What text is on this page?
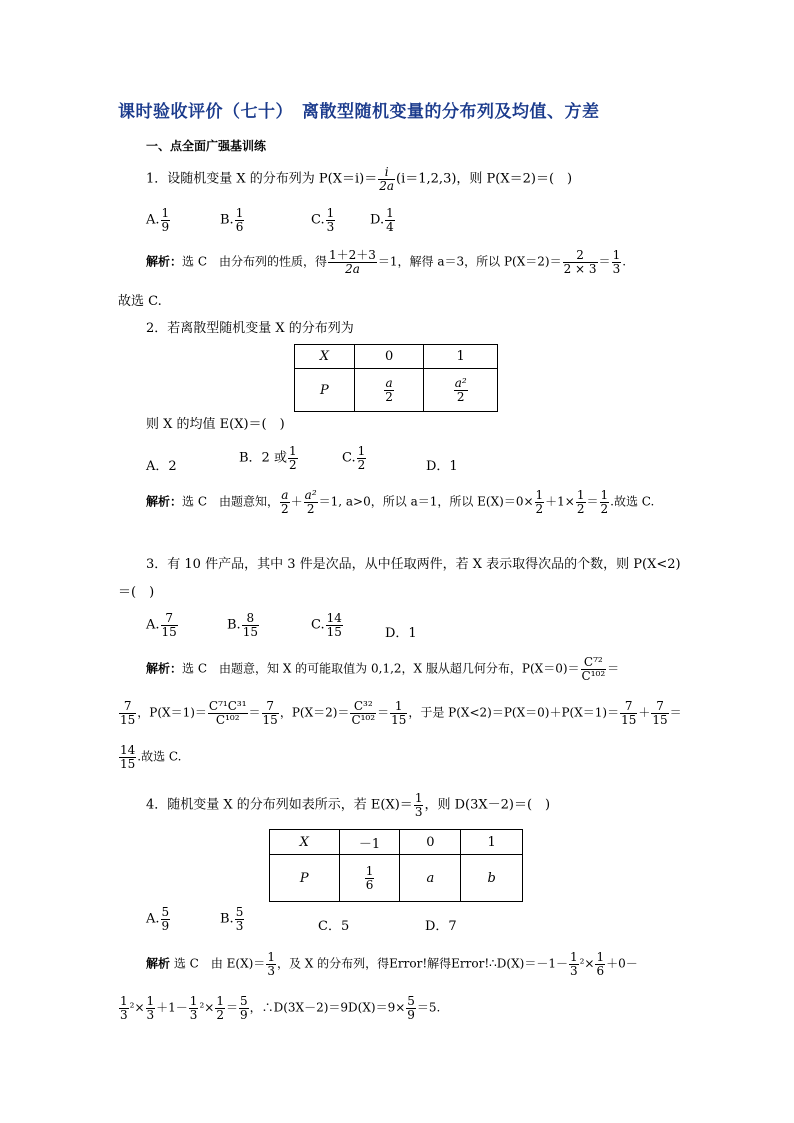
课时验收评价（七十）　离散型随机变量的分布列及均值、方差
一、点全面广强基训练
1．设随机变量 X 的分布列为 $P(X=i)= \frac{i}{2a} (i=1,2,3)$，则 P(X＝2)＝(　)
A. $\frac{1}{9}$	B. $\frac{1}{6}$	C. $\frac{1}{3}$	D. $\frac{1}{4}$
解析：选 C　由分布列的性质，得 $\frac{1+2+3}{2a} =1$，解得 a＝3，所以 $P(X=2)= \frac{2}{2 \times 3} = \frac{1}{3}$ .
故选 C.
2．若离散型随机变量 X 的分布列为
X	0	1
P	$\frac{a}{2}$	$\frac{\text{a²}}{2}$
则 X 的均值 E(X)＝(　)
A．2
B．2 或 $\frac{1}{2}$	C. $\frac{1}{2}$	D．1
解析：选 C　由题意知， $\frac{a}{2} + \frac{\text{a²}}{2} =1$, a>0，所以 a＝1，所以 $E(X)=0\times \frac{1}{2} +1\times \frac{1}{2} = \frac{1}{2}$ .故选 C.
3．有 10 件产品，其中 3 件是次品，从中任取两件，若 X 表示取得次品的个数，则 P(X<2)
＝(　)
A. $\frac{7}{15}$	B. $\frac{8}{15}$	C. $\frac{14}{15}$	D．1
解析：选 C　由题意，知 X 的可能取值为 0,1,2，X 服从超几何分布，$P(X=0)= \frac{\text{C⁷²}}{\text{C¹⁰²}}$ ＝
$\frac{7}{15}$ ，$P(X=1)= \frac{\text{C⁷¹C³¹}}{\text{C¹⁰²}} = \frac{7}{15}$ ，$P(X=2)= \frac{\text{C³²}}{\text{C¹⁰²}} = \frac{1}{15}$ ，于是 $P(X<2)=P(X=0)+P(X=1)= \frac{7}{15} + \frac{7}{15}$ ＝
$\frac{14}{15}$ .故选 C.
4．随机变量 X 的分布列如表所示，若 $E(X)= \frac{1}{3}$ ，则 D(3X－2)＝(　)
X	－1	0	1
P	$\frac{1}{6}$	a	b
A. $\frac{5}{9}$	B. $\frac{5}{3}$	C．5	D．7
解析 选 C　由 $E(X)= \frac{1}{3}$ ，及 X 的分布列，得Error!解得Error!∴D(X)＝－1－ $\frac{1}{3} ^2\times \frac{1}{6} +0-$
$\frac{1}{3} ^2\times \frac{1}{3} +1- \frac{1}{3} ^2\times \frac{1}{2} = \frac{5}{9}$ ，∴D(3X－2)＝9D(X)＝9× $\frac{5}{9} =5$.
